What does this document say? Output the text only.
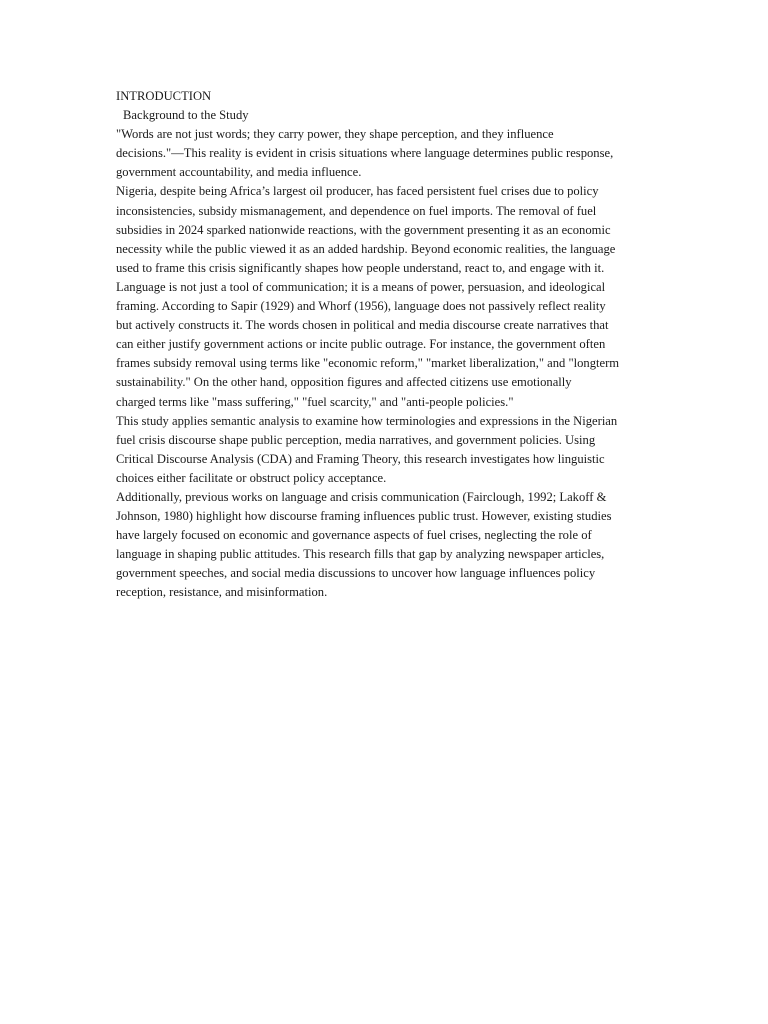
INTRODUCTION
Background to the Study

"Words are not just words; they carry power, they shape perception, and they influence
decisions."—This reality is evident in crisis situations where language determines public response,
government accountability, and media influence.

Nigeria, despite being Africa’s largest oil producer, has faced persistent fuel crises due to policy
inconsistencies, subsidy mismanagement, and dependence on fuel imports. The removal of fuel
subsidies in 2024 sparked nationwide reactions, with the government presenting it as an economic
necessity while the public viewed it as an added hardship. Beyond economic realities, the language
used to frame this crisis significantly shapes how people understand, react to, and engage with it.

Language is not just a tool of communication; it is a means of power, persuasion, and ideological
framing. According to Sapir (1929) and Whorf (1956), language does not passively reflect reality
but actively constructs it. The words chosen in political and media discourse create narratives that
can either justify government actions or incite public outrage. For instance, the government often
frames subsidy removal using terms like "economic reform," "market liberalization," and "longterm
sustainability." On the other hand, opposition figures and affected citizens use emotionally
charged terms like "mass suffering," "fuel scarcity," and "anti-people policies."

This study applies semantic analysis to examine how terminologies and expressions in the Nigerian
fuel crisis discourse shape public perception, media narratives, and government policies. Using
Critical Discourse Analysis (CDA) and Framing Theory, this research investigates how linguistic
choices either facilitate or obstruct policy acceptance.

Additionally, previous works on language and crisis communication (Fairclough, 1992; Lakoff &
Johnson, 1980) highlight how discourse framing influences public trust. However, existing studies
have largely focused on economic and governance aspects of fuel crises, neglecting the role of
language in shaping public attitudes. This research fills that gap by analyzing newspaper articles,
government speeches, and social media discussions to uncover how language influences policy
reception, resistance, and misinformation.
